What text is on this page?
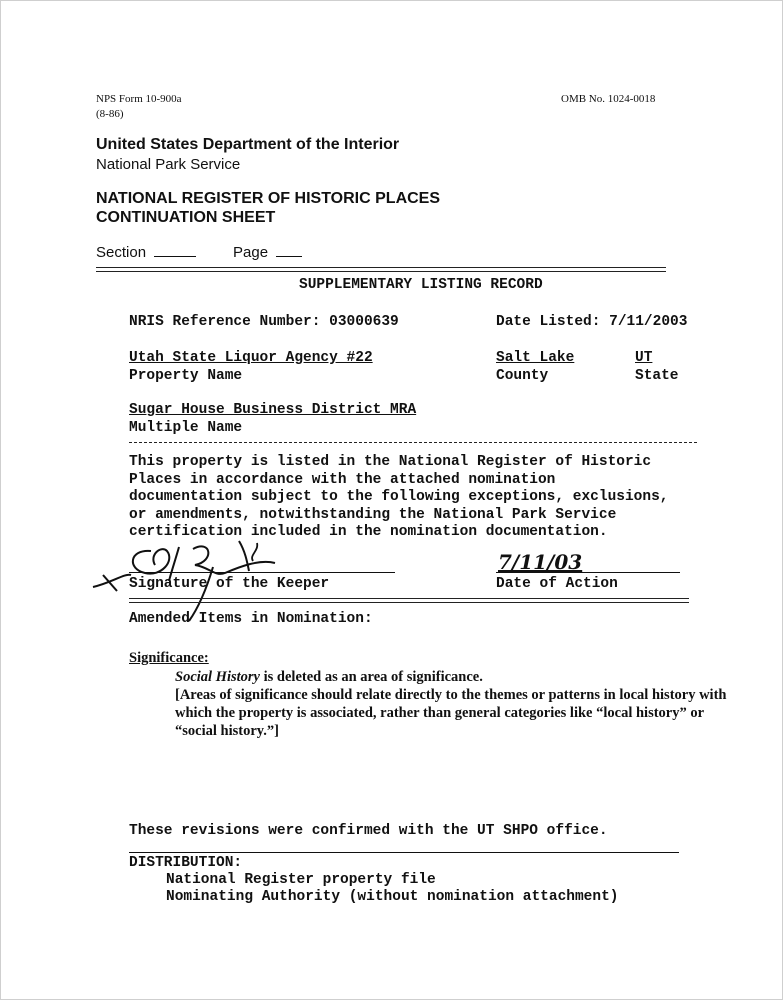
NPS Form 10-900a
(8-86)
OMB No. 1024-0018
United States Department of the Interior
National Park Service
NATIONAL REGISTER OF HISTORIC PLACES
CONTINUATION SHEET
Section	Page
SUPPLEMENTARY LISTING RECORD
NRIS Reference Number: 03000639	Date Listed: 7/11/2003
Utah State Liquor Agency #22
Property Name
Salt Lake
County
UT
State
Sugar House Business District MRA
Multiple Name
This property is listed in the National Register of Historic
Places in accordance with the attached nomination
documentation subject to the following exceptions, exclusions,
or amendments, notwithstanding the National Park Service
certification included in the nomination documentation.
Signature of the Keeper
7/11/03
Date of Action
Amended Items in Nomination:
Significance:
Social History is deleted as an area of significance.
[Areas of significance should relate directly to the themes or patterns in local history with which the property is associated, rather than general categories like “local history” or “social history.”]
These revisions were confirmed with the UT SHPO office.
DISTRIBUTION:
National Register property file
Nominating Authority (without nomination attachment)
